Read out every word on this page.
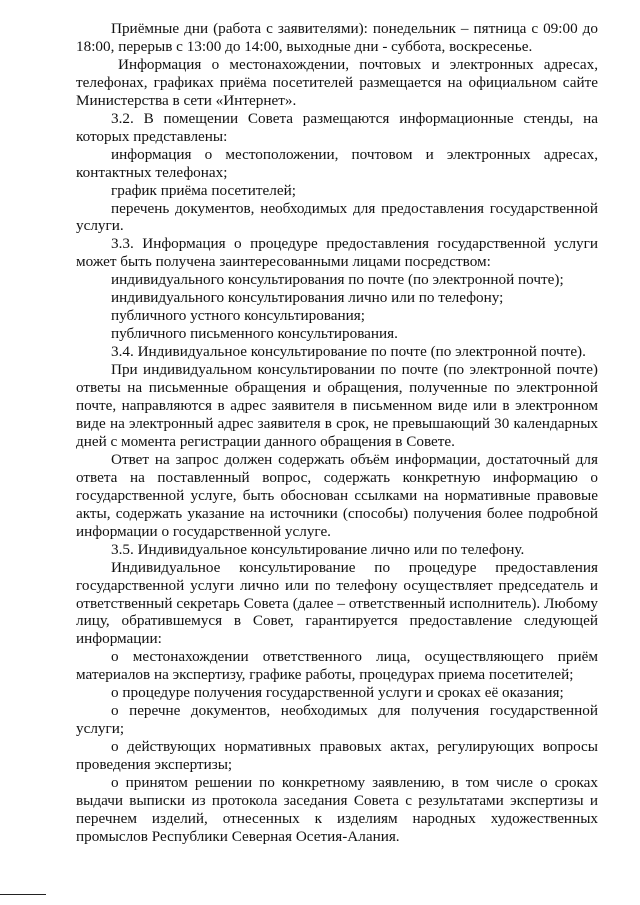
Приёмные дни (работа с заявителями): понедельник – пятница с 09:00 до 18:00, перерыв с 13:00 до 14:00, выходные дни - суббота, воскресенье.

Информация о местонахождении, почтовых и электронных адресах, телефонах, графиках приёма посетителей размещается на официальном сайте Министерства в сети «Интернет».

3.2. В помещении Совета размещаются информационные стенды, на которых представлены:

информация о местоположении, почтовом и электронных адресах, контактных телефонах;

график приёма посетителей;

перечень документов, необходимых для предоставления государственной услуги.

3.3. Информация о процедуре предоставления государственной услуги может быть получена заинтересованными лицами посредством:

индивидуального консультирования по почте (по электронной почте);

индивидуального консультирования лично или по телефону;

публичного устного консультирования;

публичного письменного консультирования.

3.4. Индивидуальное консультирование по почте (по электронной почте).

При индивидуальном консультировании по почте (по электронной почте) ответы на письменные обращения и обращения, полученные по электронной почте, направляются в адрес заявителя в письменном виде или в электронном виде на электронный адрес заявителя в срок, не превышающий 30 календарных дней с момента регистрации данного обращения в Совете.

Ответ на запрос должен содержать объём информации, достаточный для ответа на поставленный вопрос, содержать конкретную информацию о государственной услуге, быть обоснован ссылками на нормативные правовые акты, содержать указание на источники (способы) получения более подробной информации о государственной услуге.

3.5. Индивидуальное консультирование лично или по телефону.

Индивидуальное консультирование по процедуре предоставления государственной услуги лично или по телефону осуществляет председатель и ответственный секретарь Совета (далее – ответственный исполнитель). Любому лицу, обратившемуся в Совет, гарантируется предоставление следующей информации:

о местонахождении ответственного лица, осуществляющего приём материалов на экспертизу, графике работы, процедурах приема посетителей;

о процедуре получения государственной услуги и сроках её оказания;

о перечне документов, необходимых для получения государственной услуги;

о действующих нормативных правовых актах, регулирующих вопросы проведения экспертизы;

о принятом решении по конкретному заявлению, в том числе о сроках выдачи выписки из протокола заседания Совета с результатами экспертизы и перечнем изделий, отнесенных к изделиям народных художественных промыслов Республики Северная Осетия-Алания.
